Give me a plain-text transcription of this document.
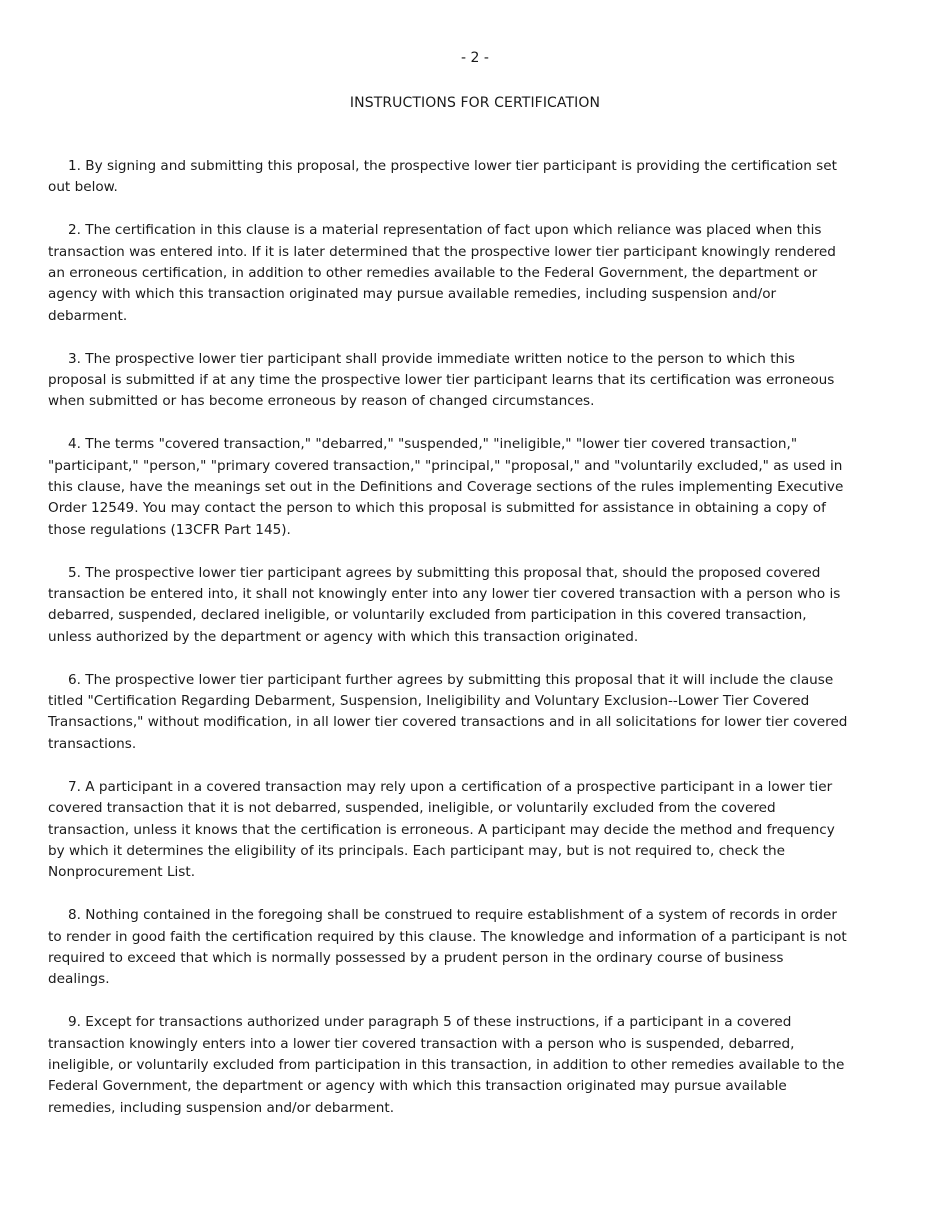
- 2 -
INSTRUCTIONS FOR CERTIFICATION

1. By signing and submitting this proposal, the prospective lower tier participant is providing the certification set out below.

2. The certification in this clause is a material representation of fact upon which reliance was placed when this transaction was entered into. If it is later determined that the prospective lower tier participant knowingly rendered an erroneous certification, in addition to other remedies available to the Federal Government, the department or agency with which this transaction originated may pursue available remedies, including suspension and/or debarment.

3. The prospective lower tier participant shall provide immediate written notice to the person to which this proposal is submitted if at any time the prospective lower tier participant learns that its certification was erroneous when submitted or has become erroneous by reason of changed circumstances.

4. The terms "covered transaction," "debarred," "suspended," "ineligible," "lower tier covered transaction," "participant," "person," "primary covered transaction," "principal," "proposal," and "voluntarily excluded," as used in this clause, have the meanings set out in the Definitions and Coverage sections of the rules implementing Executive Order 12549. You may contact the person to which this proposal is submitted for assistance in obtaining a copy of those regulations (13CFR Part 145).

5. The prospective lower tier participant agrees by submitting this proposal that, should the proposed covered transaction be entered into, it shall not knowingly enter into any lower tier covered transaction with a person who is debarred, suspended, declared ineligible, or voluntarily excluded from participation in this covered transaction, unless authorized by the department or agency with which this transaction originated.

6. The prospective lower tier participant further agrees by submitting this proposal that it will include the clause titled "Certification Regarding Debarment, Suspension, Ineligibility and Voluntary Exclusion--Lower Tier Covered Transactions," without modification, in all lower tier covered transactions and in all solicitations for lower tier covered transactions.

7. A participant in a covered transaction may rely upon a certification of a prospective participant in a lower tier covered transaction that it is not debarred, suspended, ineligible, or voluntarily excluded from the covered transaction, unless it knows that the certification is erroneous. A participant may decide the method and frequency by which it determines the eligibility of its principals. Each participant may, but is not required to, check the Nonprocurement List.

8. Nothing contained in the foregoing shall be construed to require establishment of a system of records in order to render in good faith the certification required by this clause. The knowledge and information of a participant is not required to exceed that which is normally possessed by a prudent person in the ordinary course of business dealings.

9. Except for transactions authorized under paragraph 5 of these instructions, if a participant in a covered transaction knowingly enters into a lower tier covered transaction with a person who is suspended, debarred, ineligible, or voluntarily excluded from participation in this transaction, in addition to other remedies available to the Federal Government, the department or agency with which this transaction originated may pursue available remedies, including suspension and/or debarment.
